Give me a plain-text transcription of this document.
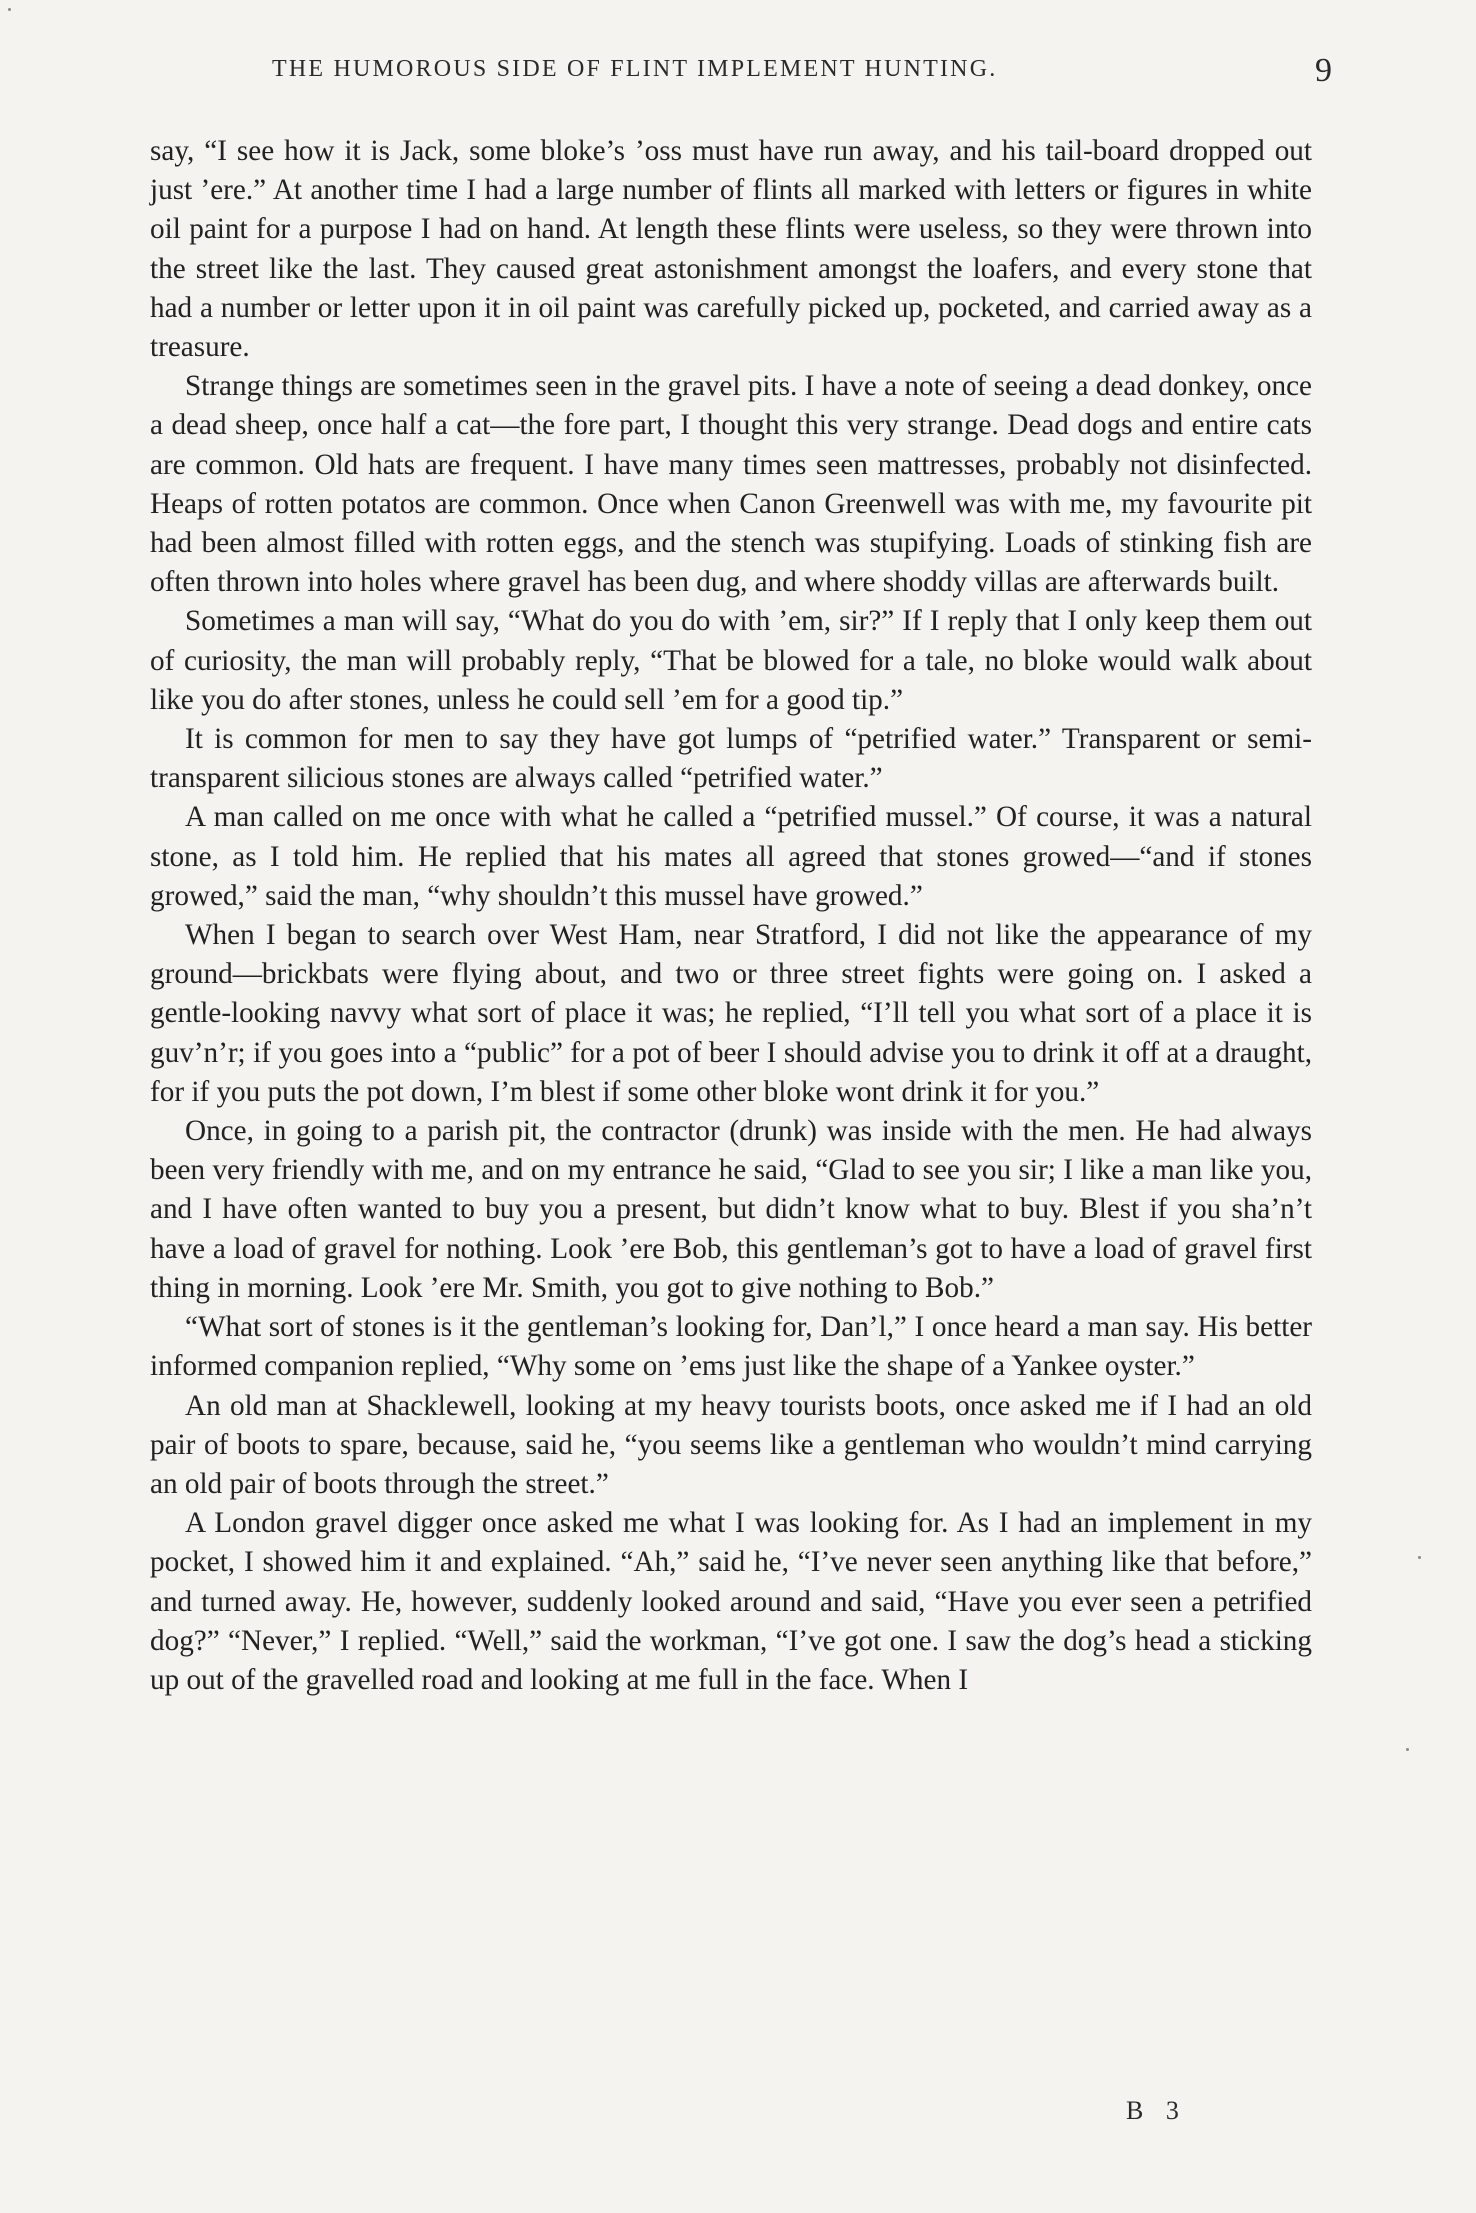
THE HUMOROUS SIDE OF FLINT IMPLEMENT HUNTING.	9

say, “I see how it is Jack, some bloke’s ’oss must have run away, and his tail-board dropped out just ’ere.” At another time I had a large number of flints all marked with letters or figures in white oil paint for a purpose I had on hand. At length these flints were useless, so they were thrown into the street like the last. They caused great astonishment amongst the loafers, and every stone that had a number or letter upon it in oil paint was carefully picked up, pocketed, and carried away as a treasure.

Strange things are sometimes seen in the gravel pits. I have a note of seeing a dead donkey, once a dead sheep, once half a cat—the fore part, I thought this very strange. Dead dogs and entire cats are common. Old hats are frequent. I have many times seen mattresses, probably not disinfected. Heaps of rotten potatos are common. Once when Canon Greenwell was with me, my favourite pit had been almost filled with rotten eggs, and the stench was stupifying. Loads of stinking fish are often thrown into holes where gravel has been dug, and where shoddy villas are afterwards built.

Sometimes a man will say, “What do you do with ’em, sir?” If I reply that I only keep them out of curiosity, the man will probably reply, “That be blowed for a tale, no bloke would walk about like you do after stones, unless he could sell ’em for a good tip.”

It is common for men to say they have got lumps of “petrified water.” Transparent or semi-transparent silicious stones are always called “petrified water.”

A man called on me once with what he called a “petrified mussel.” Of course, it was a natural stone, as I told him. He replied that his mates all agreed that stones growed—“and if stones growed,” said the man, “why shouldn’t this mussel have growed.”

When I began to search over West Ham, near Stratford, I did not like the appearance of my ground—brickbats were flying about, and two or three street fights were going on. I asked a gentle-looking navvy what sort of place it was; he replied, “I’ll tell you what sort of a place it is guv’n’r; if you goes into a “public” for a pot of beer I should advise you to drink it off at a draught, for if you puts the pot down, I’m blest if some other bloke wont drink it for you.”

Once, in going to a parish pit, the contractor (drunk) was inside with the men. He had always been very friendly with me, and on my entrance he said, “Glad to see you sir; I like a man like you, and I have often wanted to buy you a present, but didn’t know what to buy. Blest if you sha’n’t have a load of gravel for nothing. Look ’ere Bob, this gentleman’s got to have a load of gravel first thing in morning. Look ’ere Mr. Smith, you got to give nothing to Bob.”

“What sort of stones is it the gentleman’s looking for, Dan’l,” I once heard a man say. His better informed companion replied, “Why some on ’ems just like the shape of a Yankee oyster.”

An old man at Shacklewell, looking at my heavy tourists boots, once asked me if I had an old pair of boots to spare, because, said he, “you seems like a gentleman who wouldn’t mind carrying an old pair of boots through the street.”

A London gravel digger once asked me what I was looking for. As I had an implement in my pocket, I showed him it and explained. “Ah,” said he, “I’ve never seen anything like that before,” and turned away. He, however, suddenly looked around and said, “Have you ever seen a petrified dog?” “Never,” I replied. “Well,” said the workman, “I’ve got one. I saw the dog’s head a sticking up out of the gravelled road and looking at me full in the face. When I

B 3
